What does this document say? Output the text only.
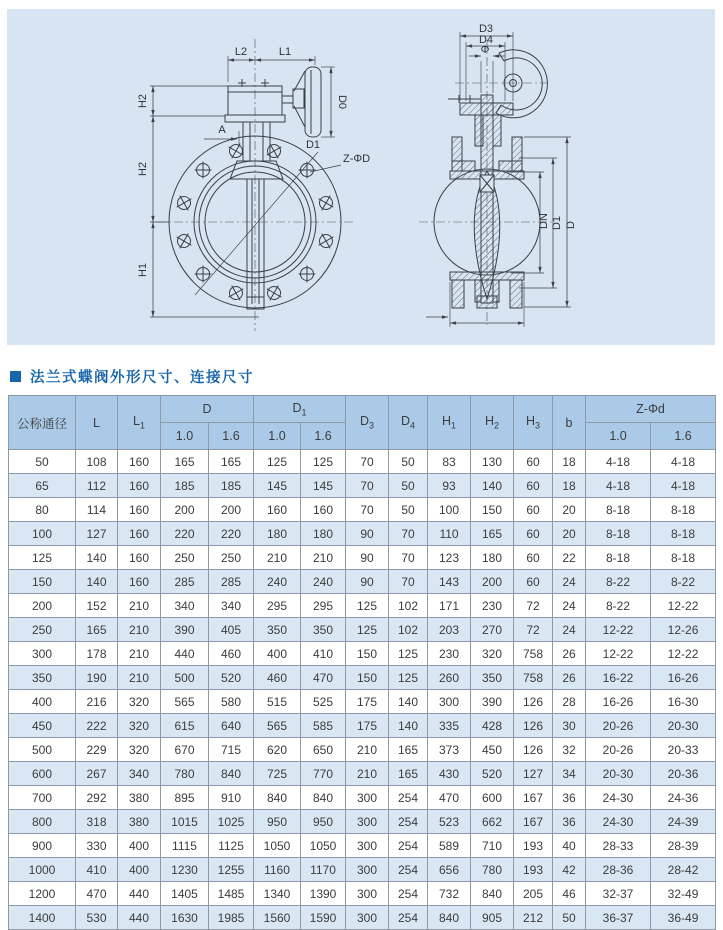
L2	L1
H2
H2
H1
D0
A
D1
Z-ΦD
D3
D4
Φ
DN D1 D
法兰式蝶阀外形尺寸、连接尺寸
公称通径	L	$L_1$	D		$D_1$		$D_3$	$D_4$	$H_1$	$H_2$	$H_3$	b	Z-Φd	
			1.0	1.6	1.0	1.6							1.0	1.6
50	108	160	165	165	125	125	70	50	83	130	60	18	4-18	4-18
65	112	160	185	185	145	145	70	50	93	140	60	18	4-18	4-18
80	114	160	200	200	160	160	70	50	100	150	60	20	8-18	8-18
100	127	160	220	220	180	180	90	70	110	165	60	20	8-18	8-18
125	140	160	250	250	210	210	90	70	123	180	60	22	8-18	8-18
150	140	160	285	285	240	240	90	70	143	200	60	24	8-22	8-22
200	152	210	340	340	295	295	125	102	171	230	72	24	8-22	12-22
250	165	210	390	405	350	350	125	102	203	270	72	24	12-22	12-26
300	178	210	440	460	400	410	150	125	230	320	758	26	12-22	12-22
350	190	210	500	520	460	470	150	125	260	350	758	26	16-22	16-26
400	216	320	565	580	515	525	175	140	300	390	126	28	16-26	16-30
450	222	320	615	640	565	585	175	140	335	428	126	30	20-26	20-30
500	229	320	670	715	620	650	210	165	373	450	126	32	20-26	20-33
600	267	340	780	840	725	770	210	165	430	520	127	34	20-30	20-36
700	292	380	895	910	840	840	300	254	470	600	167	36	24-30	24-36
800	318	380	1015	1025	950	950	300	254	523	662	167	36	24-30	24-39
900	330	400	1115	1125	1050	1050	300	254	589	710	193	40	28-33	28-39
1000	410	400	1230	1255	1160	1170	300	254	656	780	193	42	28-36	28-42
1200	470	440	1405	1485	1340	1390	300	254	732	840	205	46	32-37	32-49
1400	530	440	1630	1985	1560	1590	300	254	840	905	212	50	36-37	36-49
